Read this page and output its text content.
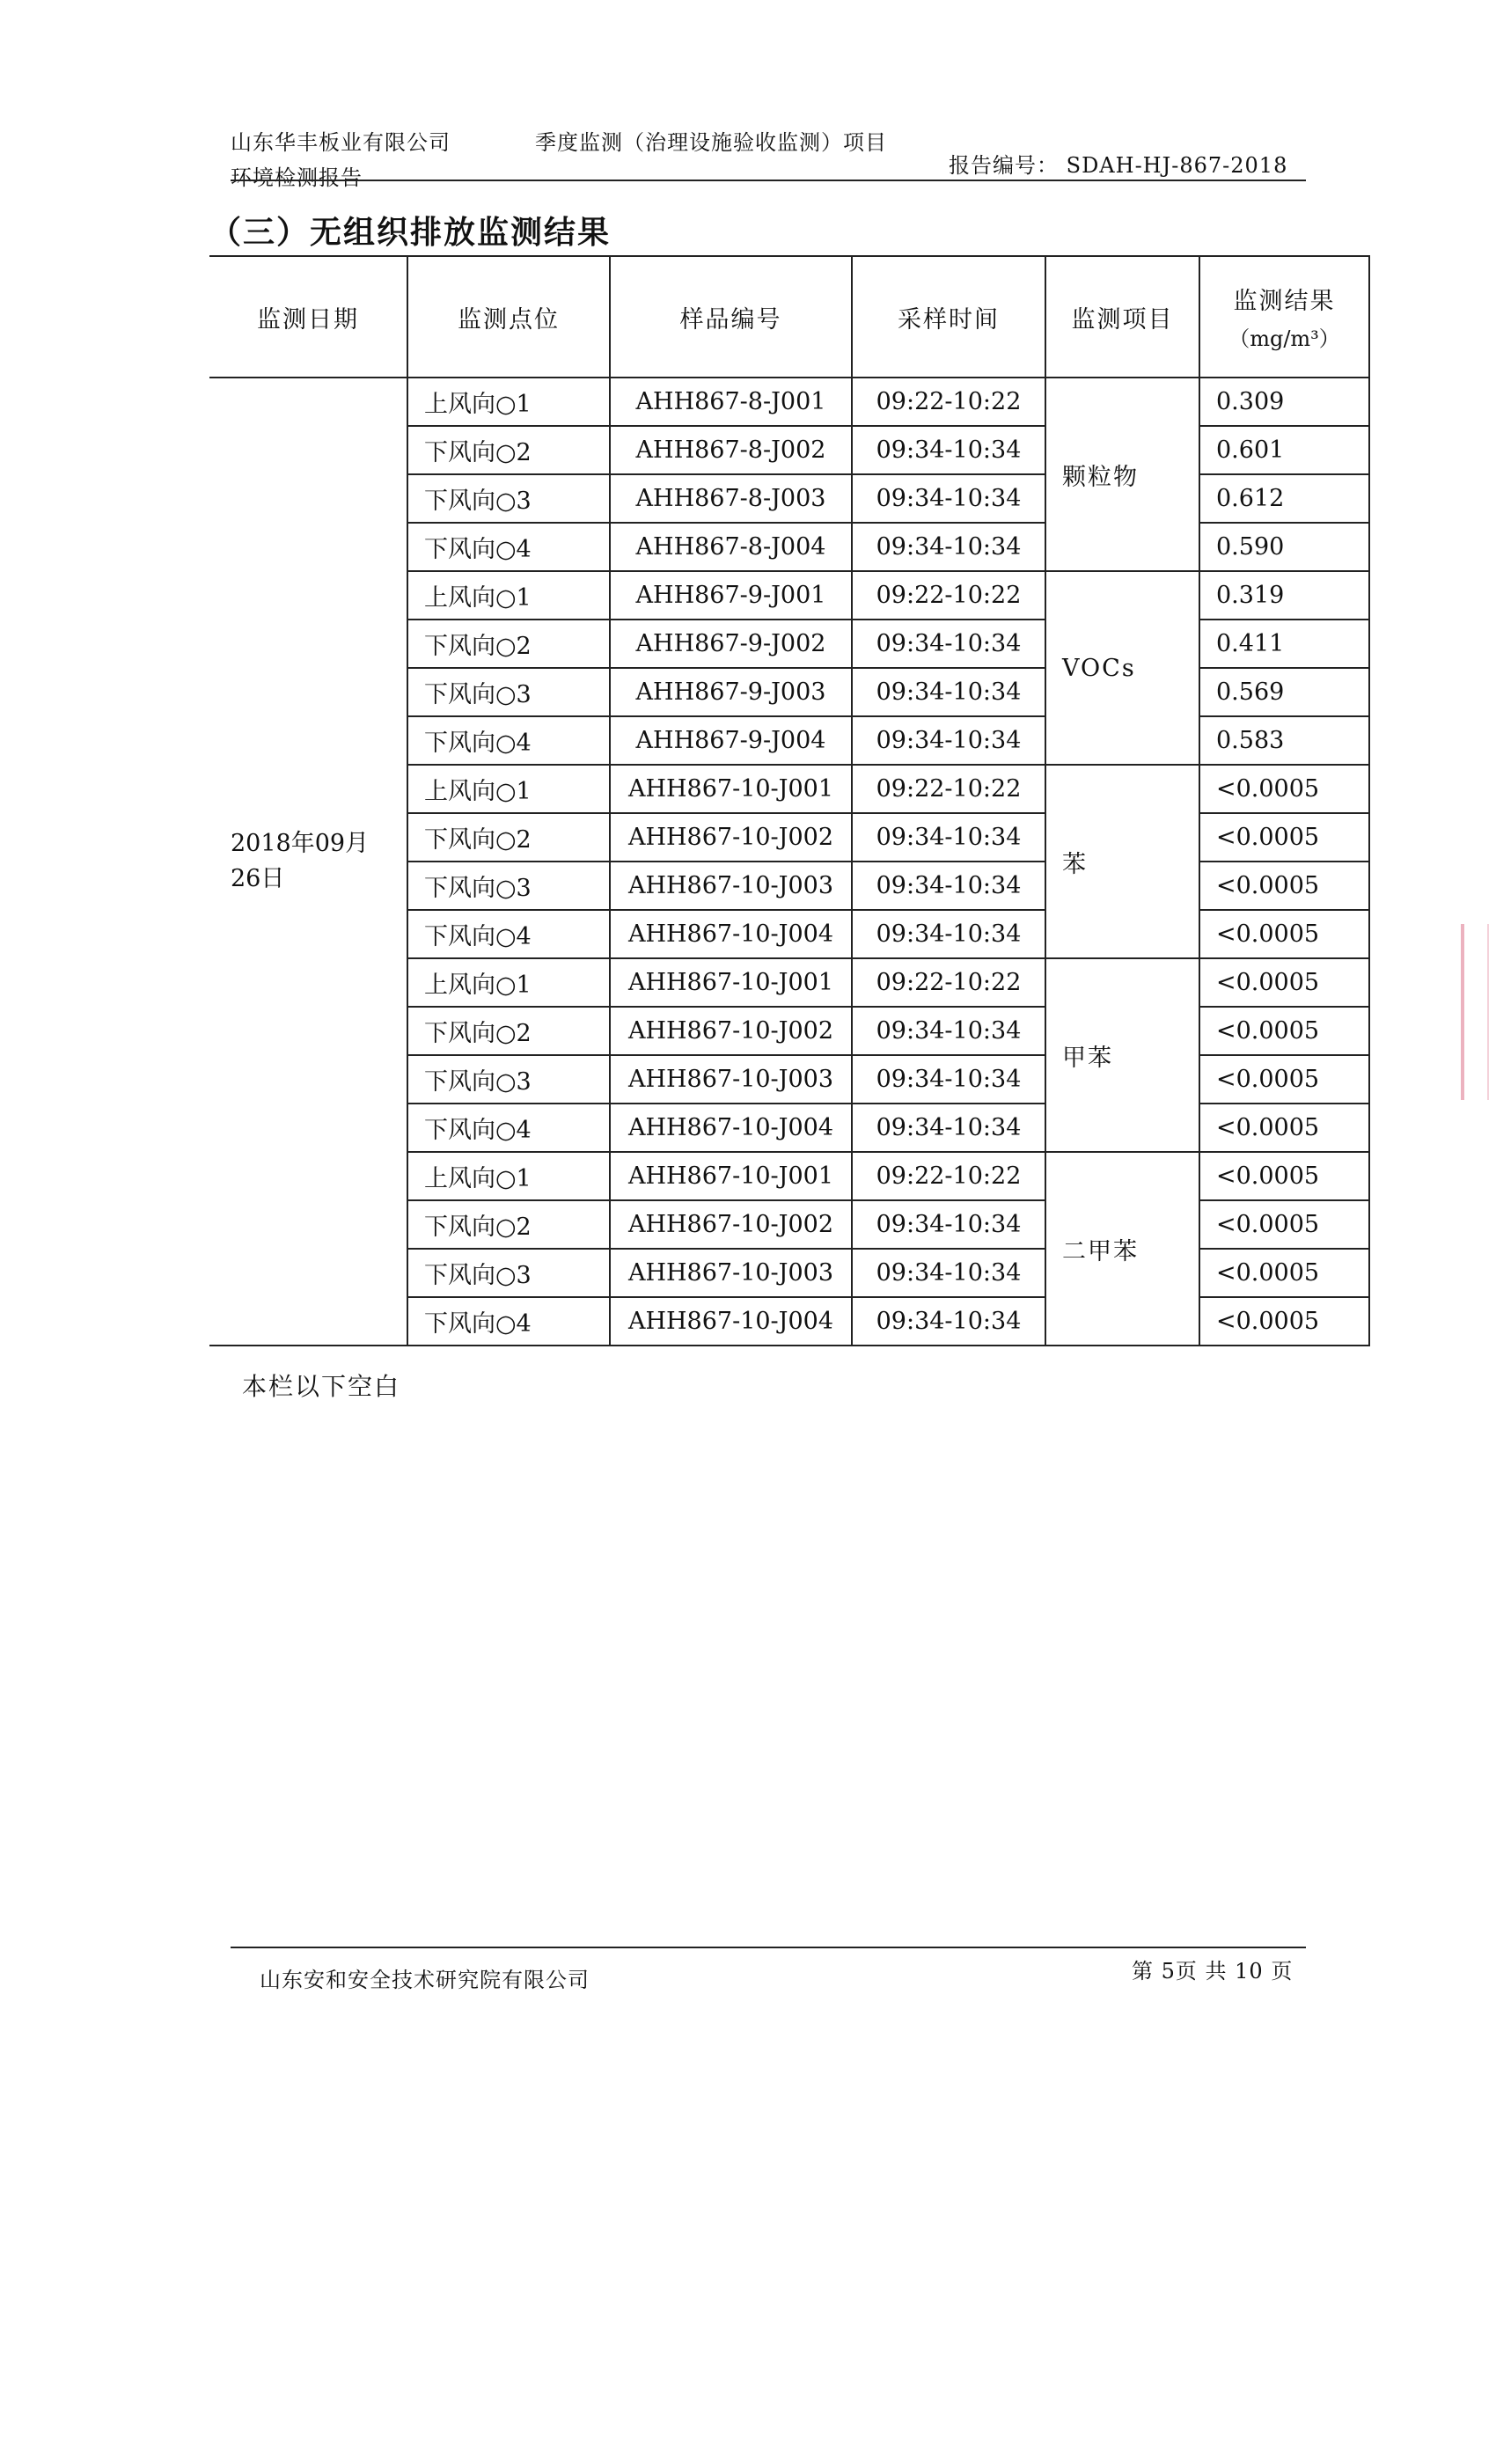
山东华丰板业有限公司	季度监测（治理设施验收监测）项目
环境检测报告	报告编号： SDAH-HJ-867-2018
（三）无组织排放监测结果
监测日期	监测点位	样品编号	采样时间	监测项目	监测结果
（mg/m³）

2018年09月26日	上风向○1	AHH867-8-J001	09:22-10:22	颗粒物	0.309
	下风向○2	AHH867-8-J002	09:34-10:34		0.601
	下风向○3	AHH867-8-J003	09:34-10:34		0.612
	下风向○4	AHH867-8-J004	09:34-10:34		0.590
	上风向○1	AHH867-9-J001	09:22-10:22	VOCs	0.319
	下风向○2	AHH867-9-J002	09:34-10:34		0.411
	下风向○3	AHH867-9-J003	09:34-10:34		0.569
	下风向○4	AHH867-9-J004	09:34-10:34		0.583
	上风向○1	AHH867-10-J001	09:22-10:22	苯	<0.0005
	下风向○2	AHH867-10-J002	09:34-10:34		<0.0005
	下风向○3	AHH867-10-J003	09:34-10:34		<0.0005
	下风向○4	AHH867-10-J004	09:34-10:34		<0.0005
	上风向○1	AHH867-10-J001	09:22-10:22	甲苯	<0.0005
	下风向○2	AHH867-10-J002	09:34-10:34		<0.0005
	下风向○3	AHH867-10-J003	09:34-10:34		<0.0005
	下风向○4	AHH867-10-J004	09:34-10:34		<0.0005
	上风向○1	AHH867-10-J001	09:22-10:22	二甲苯	<0.0005
	下风向○2	AHH867-10-J002	09:34-10:34		<0.0005
	下风向○3	AHH867-10-J003	09:34-10:34		<0.0005
	下风向○4	AHH867-10-J004	09:34-10:34		<0.0005
本栏以下空白
山东安和安全技术研究院有限公司	第 5页 共 10 页
